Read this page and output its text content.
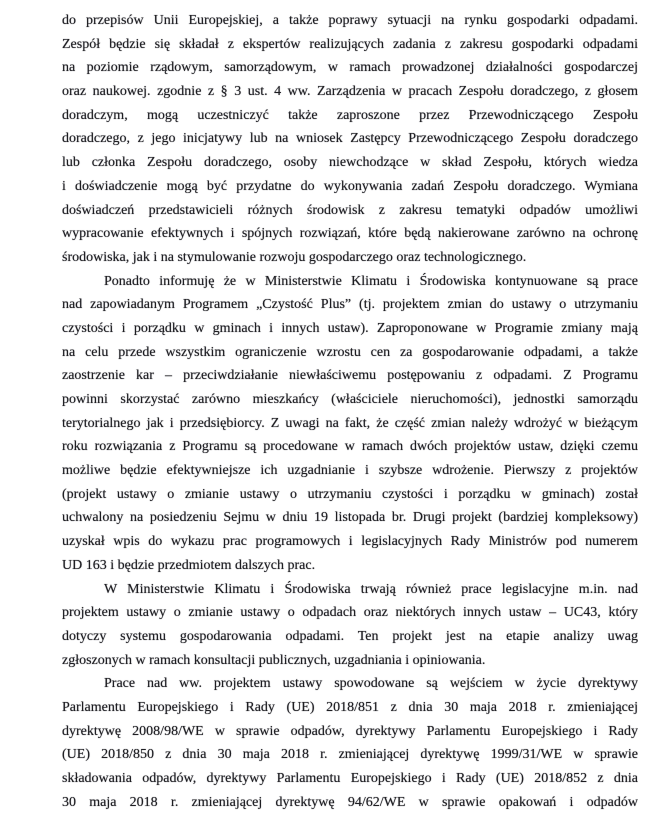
do przepisów Unii Europejskiej, a także poprawy sytuacji na rynku gospodarki odpadami.
Zespół będzie się składał z ekspertów realizujących zadania z zakresu gospodarki odpadami
na poziomie rządowym, samorządowym, w ramach prowadzonej działalności gospodarczej
oraz naukowej. zgodnie z § 3 ust. 4 ww. Zarządzenia w pracach Zespołu doradczego, z głosem
doradczym, mogą uczestniczyć także zaproszone przez Przewodniczącego Zespołu
doradczego, z jego inicjatywy lub na wniosek Zastępcy Przewodniczącego Zespołu doradczego
lub członka Zespołu doradczego, osoby niewchodzące w skład Zespołu, których wiedza
i doświadczenie mogą być przydatne do wykonywania zadań Zespołu doradczego. Wymiana
doświadczeń przedstawicieli różnych środowisk z zakresu tematyki odpadów umożliwi
wypracowanie efektywnych i spójnych rozwiązań, które będą nakierowane zarówno na ochronę
środowiska, jak i na stymulowanie rozwoju gospodarczego oraz technologicznego.
Ponadto informuję że w Ministerstwie Klimatu i Środowiska kontynuowane są prace
nad zapowiadanym Programem „Czystość Plus” (tj. projektem zmian do ustawy o utrzymaniu
czystości i porządku w gminach i innych ustaw). Zaproponowane w Programie zmiany mają
na celu przede wszystkim ograniczenie wzrostu cen za gospodarowanie odpadami, a także
zaostrzenie kar – przeciwdziałanie niewłaściwemu postępowaniu z odpadami. Z Programu
powinni skorzystać zarówno mieszkańcy (właściciele nieruchomości), jednostki samorządu
terytorialnego jak i przedsiębiorcy. Z uwagi na fakt, że część zmian należy wdrożyć w bieżącym
roku rozwiązania z Programu są procedowane w ramach dwóch projektów ustaw, dzięki czemu
możliwe będzie efektywniejsze ich uzgadnianie i szybsze wdrożenie. Pierwszy z projektów
(projekt ustawy o zmianie ustawy o utrzymaniu czystości i porządku w gminach) został
uchwalony na posiedzeniu Sejmu w dniu 19 listopada br. Drugi projekt (bardziej kompleksowy)
uzyskał wpis do wykazu prac programowych i legislacyjnych Rady Ministrów pod numerem
UD 163 i będzie przedmiotem dalszych prac.
W Ministerstwie Klimatu i Środowiska trwają również prace legislacyjne m.in. nad
projektem ustawy o zmianie ustawy o odpadach oraz niektórych innych ustaw – UC43, który
dotyczy systemu gospodarowania odpadami. Ten projekt jest na etapie analizy uwag
zgłoszonych w ramach konsultacji publicznych, uzgadniania i opiniowania.
Prace nad ww. projektem ustawy spowodowane są wejściem w życie dyrektywy
Parlamentu Europejskiego i Rady (UE) 2018/851 z dnia 30 maja 2018 r. zmieniającej
dyrektywę 2008/98/WE w sprawie odpadów, dyrektywy Parlamentu Europejskiego i Rady
(UE) 2018/850 z dnia 30 maja 2018 r. zmieniającej dyrektywę 1999/31/WE w sprawie
składowania odpadów, dyrektywy Parlamentu Europejskiego i Rady (UE) 2018/852 z dnia
30 maja 2018 r. zmieniającej dyrektywę 94/62/WE w sprawie opakowań i odpadów
